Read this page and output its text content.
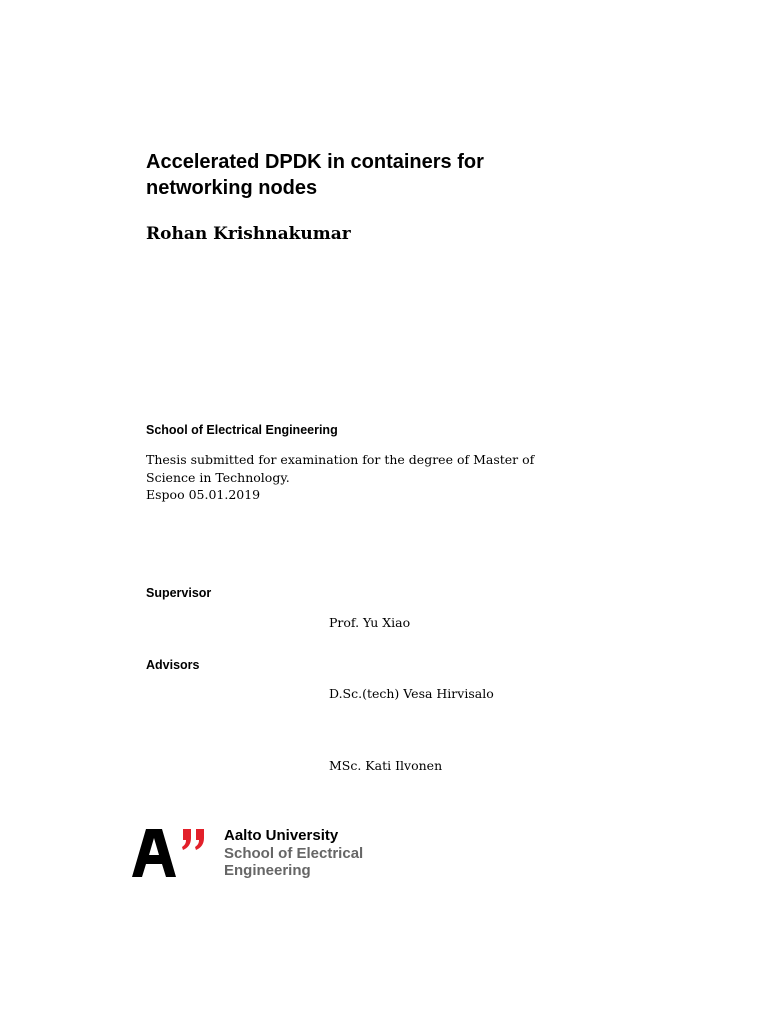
Accelerated DPDK in containers for
networking nodes
Rohan Krishnakumar
School of Electrical Engineering
Thesis submitted for examination for the degree of Master of
Science in Technology.
Espoo 05.01.2019
Supervisor
Prof. Yu Xiao
Advisors
D.Sc.(tech) Vesa Hirvisalo
MSc. Kati Ilvonen
Aalto University
School of Electrical
Engineering
